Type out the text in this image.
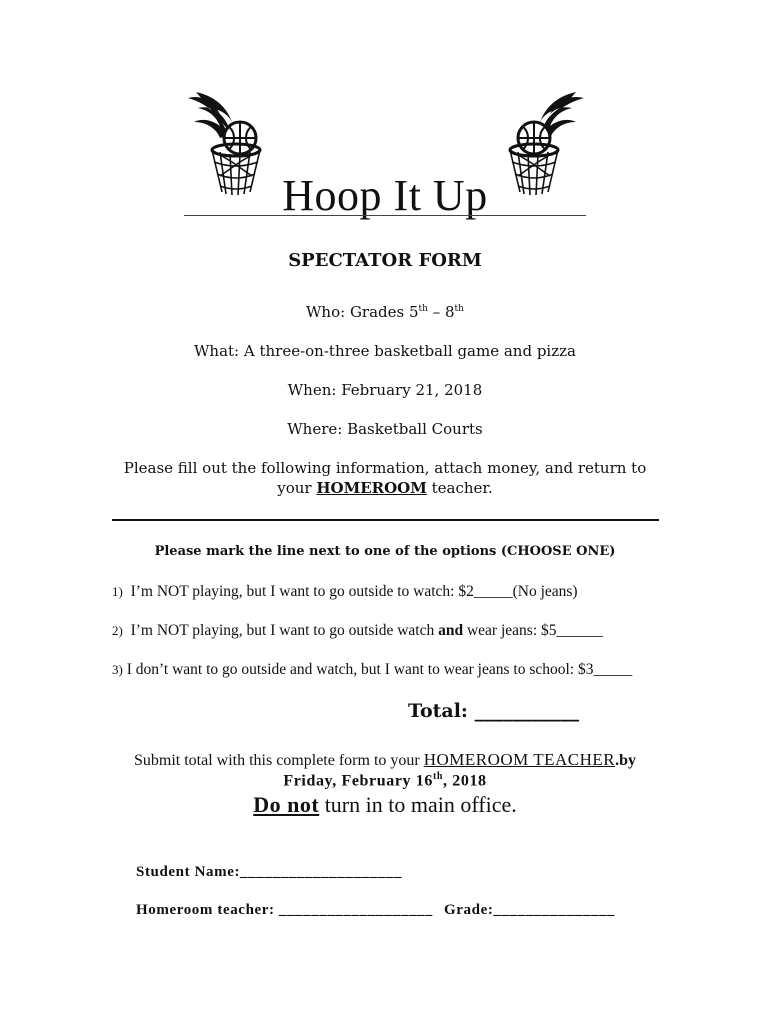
Hoop It Up
SPECTATOR FORM
Who: Grades 5th – 8th
What: A three-on-three basketball game and pizza
When: February 21, 2018
Where: Basketball Courts
Please fill out the following information, attach money, and return to
your HOMEROOM teacher.
Please mark the line next to one of the options (CHOOSE ONE)
1) I’m NOT playing, but I want to go outside to watch: $2_____(No jeans)
2) I’m NOT playing, but I want to go outside watch and wear jeans: $5______
3) I don’t want to go outside and watch, but I want to wear jeans to school: $3_____
Total: ___________
Submit total with this complete form to your HOMEROOM TEACHER.by
Friday, February 16th, 2018
Do not turn in to main office.
Student Name:____________________
Homeroom teacher: ___________________ Grade:_______________
